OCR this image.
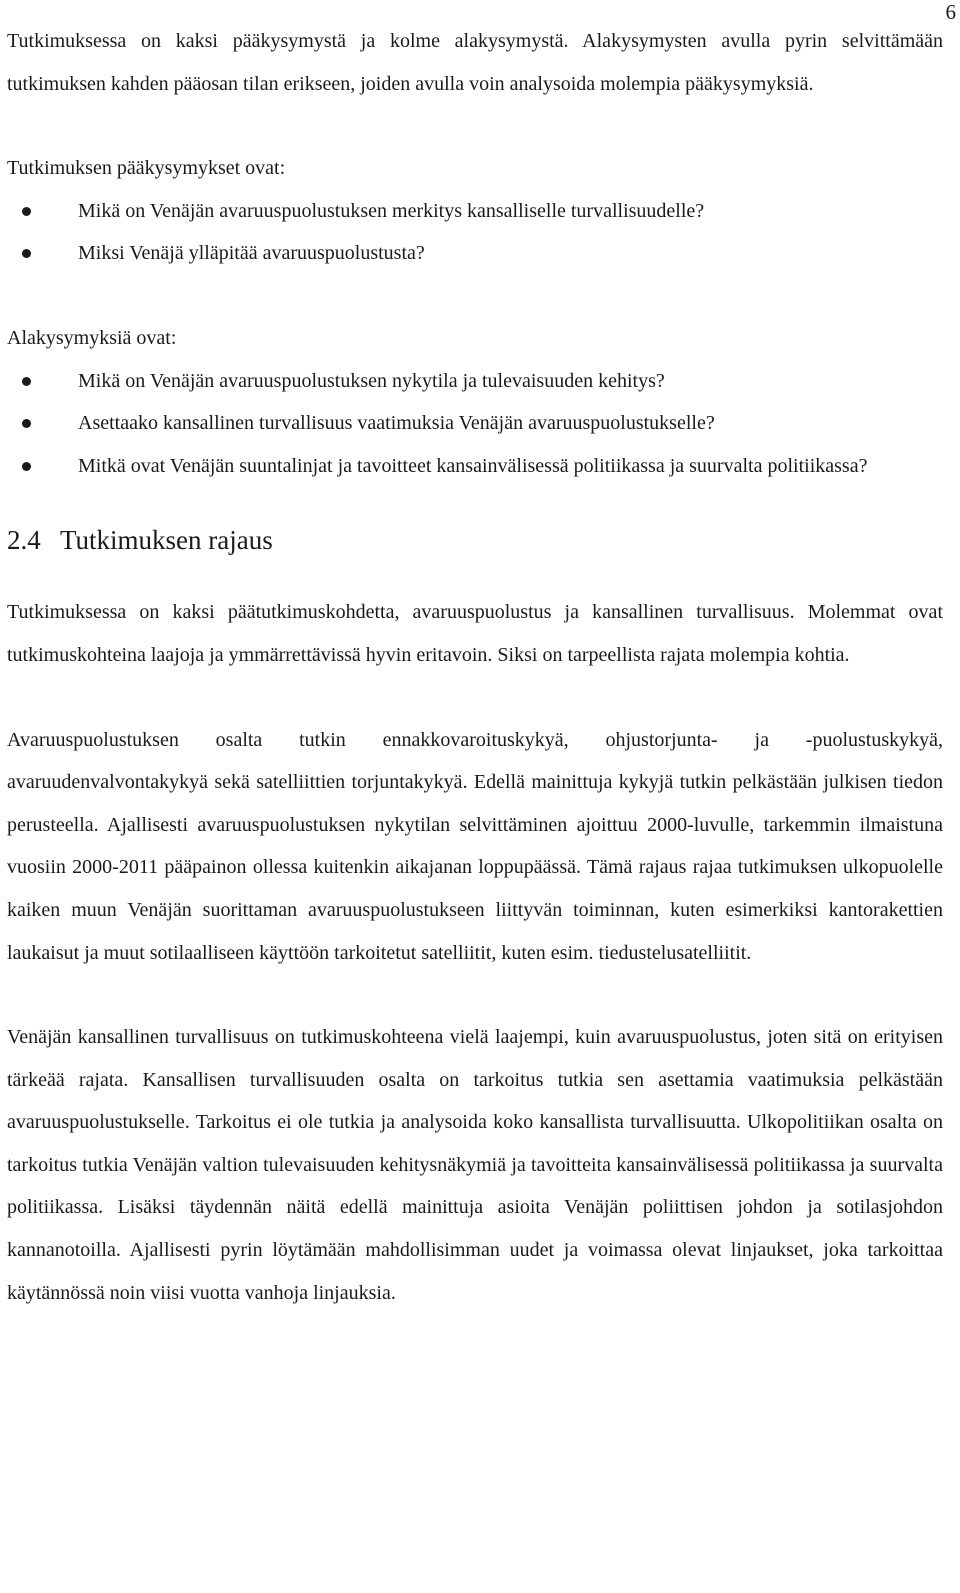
6

Tutkimuksessa on kaksi pääkysymystä ja kolme alakysymystä. Alakysymysten avulla pyrin selvittämään tutkimuksen kahden pääosan tilan erikseen, joiden avulla voin analysoida molempia pääkysymyksiä.

Tutkimuksen pääkysymykset ovat:

Mikä on Venäjän avaruuspuolustuksen merkitys kansalliselle turvallisuudelle?
Miksi Venäjä ylläpitää avaruuspuolustusta?

Alakysymyksiä ovat:

Mikä on Venäjän avaruuspuolustuksen nykytila ja tulevaisuuden kehitys?
Asettaako kansallinen turvallisuus vaatimuksia Venäjän avaruuspuolustukselle?
Mitkä ovat Venäjän suuntalinjat ja tavoitteet kansainvälisessä politiikassa ja suurvalta politiikassa?
2.4 Tutkimuksen rajaus

Tutkimuksessa on kaksi päätutkimuskohdetta, avaruuspuolustus ja kansallinen turvallisuus. Molemmat ovat tutkimuskohteina laajoja ja ymmärrettävissä hyvin eritavoin. Siksi on tarpeellista rajata molempia kohtia.

Avaruuspuolustuksen osalta tutkin ennakkovaroituskykyä, ohjustorjunta- ja -puolustuskykyä, avaruudenvalvontakykyä sekä satelliittien torjuntakykyä. Edellä mainittuja kykyjä tutkin pelkästään julkisen tiedon perusteella. Ajallisesti avaruuspuolustuksen nykytilan selvittäminen ajoittuu 2000-luvulle, tarkemmin ilmaistuna vuosiin 2000-2011 pääpainon ollessa kuitenkin aikajanan loppupäässä. Tämä rajaus rajaa tutkimuksen ulkopuolelle kaiken muun Venäjän suorittaman avaruuspuolustukseen liittyvän toiminnan, kuten esimerkiksi kantorakettien laukaisut ja muut sotilaalliseen käyttöön tarkoitetut satelliitit, kuten esim. tiedustelusatelliitit.

Venäjän kansallinen turvallisuus on tutkimuskohteena vielä laajempi, kuin avaruuspuolustus, joten sitä on erityisen tärkeää rajata. Kansallisen turvallisuuden osalta on tarkoitus tutkia sen asettamia vaatimuksia pelkästään avaruuspuolustukselle. Tarkoitus ei ole tutkia ja analysoida koko kansallista turvallisuutta. Ulkopolitiikan osalta on tarkoitus tutkia Venäjän valtion tulevaisuuden kehitysnäkymiä ja tavoitteita kansainvälisessä politiikassa ja suurvalta politiikassa. Lisäksi täydennän näitä edellä mainittuja asioita Venäjän poliittisen johdon ja sotilasjohdon kannanotoilla. Ajallisesti pyrin löytämään mahdollisimman uudet ja voimassa olevat linjaukset, joka tarkoittaa käytännössä noin viisi vuotta vanhoja linjauksia.
